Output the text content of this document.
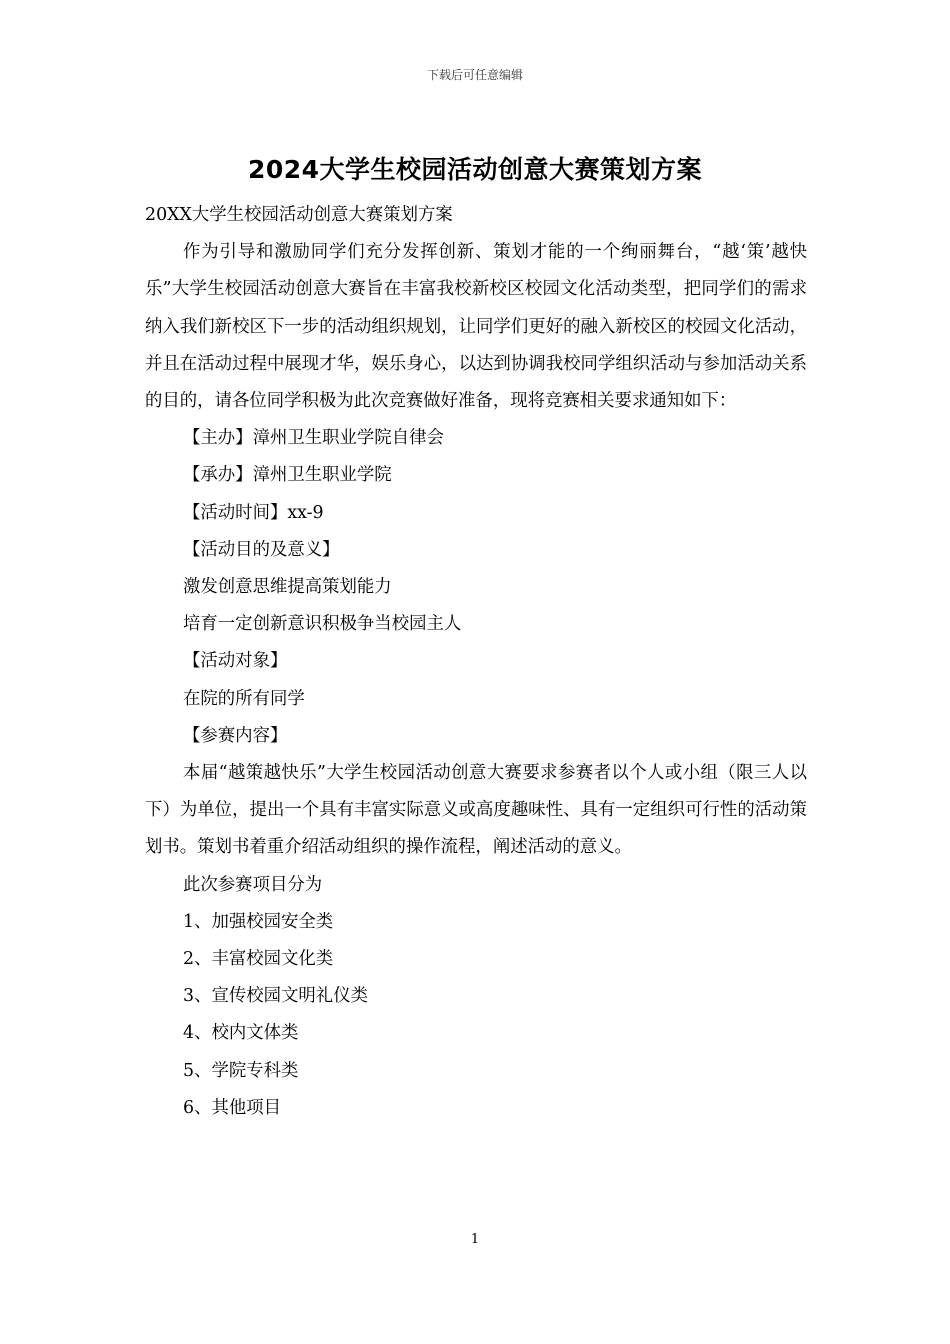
下载后可任意编辑
2024大学生校园活动创意大赛策划方案

20XX大学生校园活动创意大赛策划方案

作为引导和激励同学们充分发挥创新、策划才能的一个绚丽舞台，“越‘策’越快乐”大学生校园活动创意大赛旨在丰富我校新校区校园文化活动类型，把同学们的需求纳入我们新校区下一步的活动组织规划，让同学们更好的融入新校区的校园文化活动，并且在活动过程中展现才华，娱乐身心，以达到协调我校同学组织活动与参加活动关系的目的，请各位同学积极为此次竞赛做好准备，现将竞赛相关要求通知如下：

【主办】漳州卫生职业学院自律会

【承办】漳州卫生职业学院

【活动时间】xx-9

【活动目的及意义】

激发创意思维提高策划能力

培育一定创新意识积极争当校园主人

【活动对象】

在院的所有同学

【参赛内容】

本届“越策越快乐”大学生校园活动创意大赛要求参赛者以个人或小组（限三人以下）为单位，提出一个具有丰富实际意义或高度趣味性、具有一定组织可行性的活动策划书。策划书着重介绍活动组织的操作流程，阐述活动的意义。

此次参赛项目分为

1、加强校园安全类

2、丰富校园文化类

3、宣传校园文明礼仪类

4、校内文体类

5、学院专科类

6、其他项目

1
